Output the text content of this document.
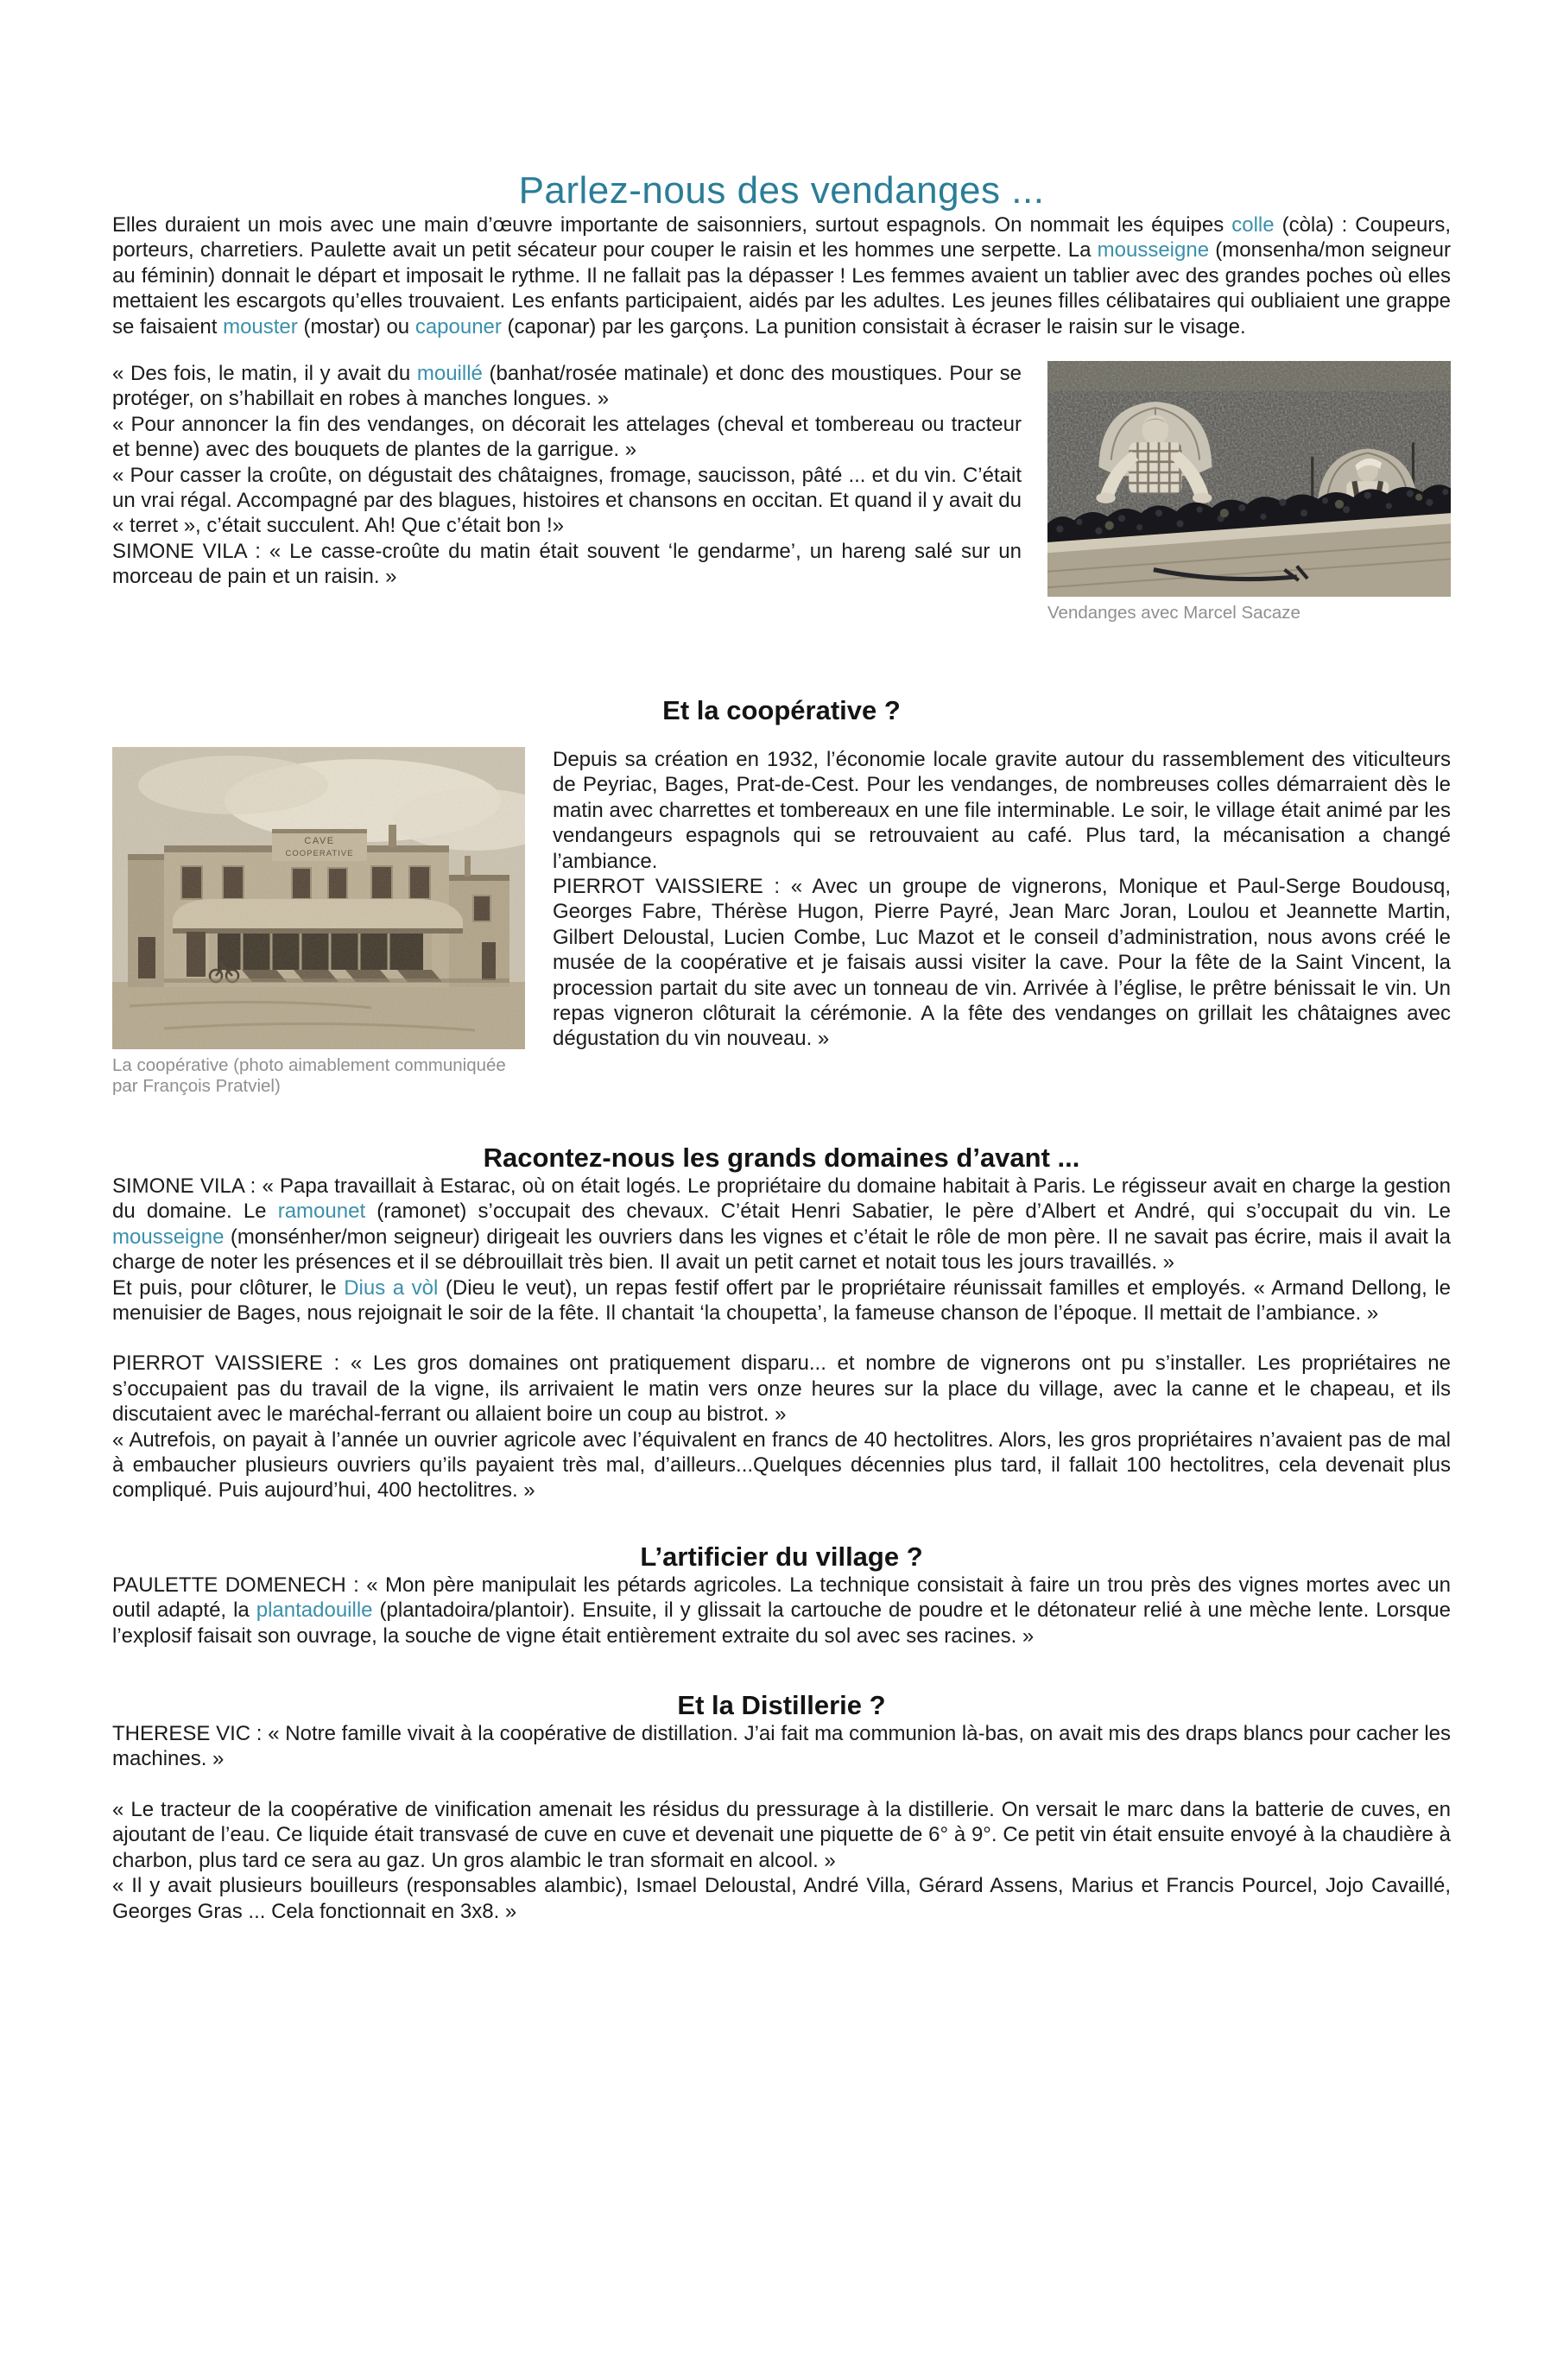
Parlez-nous des vendanges ...

Elles duraient un mois avec une main d’œuvre importante de saisonniers, surtout espagnols. On nommait les équipes colle (còla) : Coupeurs, porteurs, charretiers. Paulette avait un petit sécateur pour couper le raisin et les hommes une serpette. La mousseigne (monsenha/mon seigneur au féminin) donnait le départ et imposait le rythme. Il ne fallait pas la dépasser ! Les femmes avaient un tablier avec des grandes poches où elles mettaient les escargots qu’elles trouvaient. Les enfants participaient, aidés par les adultes. Les jeunes filles célibataires qui oubliaient une grappe se faisaient mouster (mostar) ou capouner (caponar) par les garçons. La punition consistait à écraser le raisin sur le visage.

« Des fois, le matin, il y avait du mouillé (banhat/rosée matinale) et donc des moustiques. Pour se protéger, on s’habillait en robes à manches longues. »

« Pour annoncer la fin des vendanges, on décorait les attelages (cheval et tombereau ou tracteur et benne) avec des bouquets de plantes de la garrigue. »

« Pour casser la croûte, on dégustait des châtaignes, fromage, saucisson, pâté ... et du vin. C’était un vrai régal. Accompagné par des blagues, histoires et chansons en occitan. Et quand il y avait du « terret », c’était succulent. Ah! Que c’était bon !»

SIMONE VILA : « Le casse-croûte du matin était souvent ‘le gendarme’, un hareng salé sur un morceau de pain et un raisin. »

Vendanges avec Marcel Sacaze
Et la coopérative ?
CAVE
COOPERATIVE
La coopérative (photo aimablement communiquée par François Pratviel)

Depuis sa création en 1932, l’économie locale gravite autour du rassemblement des viticulteurs de Peyriac, Bages, Prat-de-Cest. Pour les vendanges, de nombreuses colles démarraient dès le matin avec charrettes et tombereaux en une file interminable. Le soir, le village était animé par les vendangeurs espagnols qui se retrouvaient au café. Plus tard, la mécanisation a changé l’ambiance.

PIERROT VAISSIERE : « Avec un groupe de vignerons, Monique et Paul-Serge Boudousq, Georges Fabre, Thérèse Hugon, Pierre Payré, Jean Marc Joran, Loulou et Jeannette Martin, Gilbert Deloustal, Lucien Combe, Luc Mazot et le conseil d’administration, nous avons créé le musée de la coopérative et je faisais aussi visiter la cave. Pour la fête de la Saint Vincent, la procession partait du site avec un tonneau de vin. Arrivée à l’église, le prêtre bénissait le vin. Un repas vigneron clôturait la cérémonie. A la fête des vendanges on grillait les châtaignes avec dégustation du vin nouveau. »

Racontez-nous les grands domaines d’avant ...

SIMONE VILA : « Papa travaillait à Estarac, où on était logés. Le propriétaire du domaine habitait à Paris. Le régisseur avait en charge la gestion du domaine. Le ramounet (ramonet) s’occupait des chevaux. C’était Henri Sabatier, le père d’Albert et André, qui s’occupait du vin. Le mousseigne (monsénher/mon seigneur) dirigeait les ouvriers dans les vignes et c’était le rôle de mon père. Il ne savait pas écrire, mais il avait la charge de noter les présences et il se débrouillait très bien. Il avait un petit carnet et notait tous les jours travaillés. »

Et puis, pour clôturer, le Dius a vòl (Dieu le veut), un repas festif offert par le propriétaire réunissait familles et employés. « Armand Dellong, le menuisier de Bages, nous rejoignait le soir de la fête. Il chantait ‘la choupetta’, la fameuse chanson de l’époque. Il mettait de l’ambiance. »

PIERROT VAISSIERE : « Les gros domaines ont pratiquement disparu... et nombre de vignerons ont pu s’installer. Les propriétaires ne s’occupaient pas du travail de la vigne, ils arrivaient le matin vers onze heures sur la place du village, avec la canne et le chapeau, et ils discutaient avec le maréchal-ferrant ou allaient boire un coup au bistrot. »

« Autrefois, on payait à l’année un ouvrier agricole avec l’équivalent en francs de 40 hectolitres. Alors, les gros propriétaires n’avaient pas de mal à embaucher plusieurs ouvriers qu’ils payaient très mal, d’ailleurs...Quelques décennies plus tard, il fallait 100 hectolitres, cela devenait plus compliqué. Puis aujourd’hui, 400 hectolitres. »

L’artificier du village ?

PAULETTE DOMENECH : « Mon père manipulait les pétards agricoles. La technique consistait à faire un trou près des vignes mortes avec un outil adapté, la plantadouille (plantadoira/plantoir). Ensuite, il y glissait la cartouche de poudre et le détonateur relié à une mèche lente. Lorsque l’explosif faisait son ouvrage, la souche de vigne était entièrement extraite du sol avec ses racines. »

Et la Distillerie ?

THERESE VIC : « Notre famille vivait à la coopérative de distillation. J’ai fait ma communion là-bas, on avait mis des draps blancs pour cacher les machines. »

« Le tracteur de la coopérative de vinification amenait les résidus du pressurage à la distillerie. On versait le marc dans la batterie de cuves, en ajoutant de l’eau. Ce liquide était transvasé de cuve en cuve et devenait une piquette de 6° à 9°. Ce petit vin était ensuite envoyé à la chaudière à charbon, plus tard ce sera au gaz. Un gros alambic le tran sformait en alcool. »

« Il y avait plusieurs bouilleurs (responsables alambic), Ismael Deloustal, André Villa, Gérard Assens, Marius et Francis Pourcel, Jojo Cavaillé, Georges Gras ... Cela fonctionnait en 3x8. »
